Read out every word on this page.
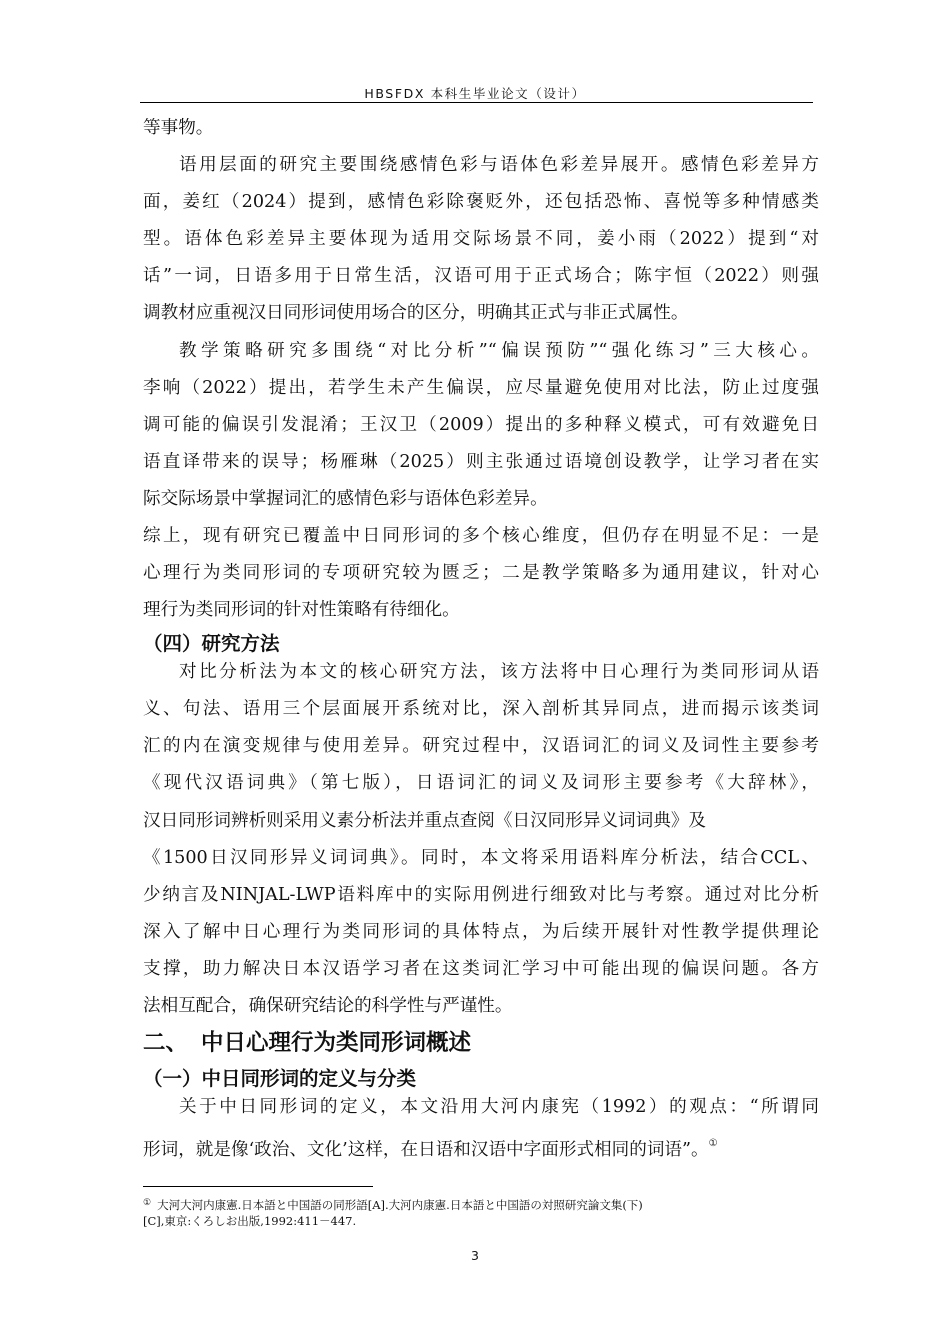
HBSFDX 本科生毕业论文（设计）
等事物。
语用层面的研究主要围绕感情色彩与语体色彩差异展开。感情色彩差异方
面，姜红（2024）提到，感情色彩除褒贬外，还包括恐怖、喜悦等多种情感类
型。语体色彩差异主要体现为适用交际场景不同，姜小雨（2022）提到“对
话”一词，日语多用于日常生活，汉语可用于正式场合；陈宇恒（2022）则强
调教材应重视汉日同形词使用场合的区分，明确其正式与非正式属性。
教学策略研究多围绕“对比分析”“偏误预防”“强化练习”三大核心。
李响（2022）提出，若学生未产生偏误，应尽量避免使用对比法，防止过度强
调可能的偏误引发混淆；王汉卫（2009）提出的多种释义模式，可有效避免日
语直译带来的误导；杨雁琳（2025）则主张通过语境创设教学，让学习者在实
际交际场景中掌握词汇的感情色彩与语体色彩差异。
综上，现有研究已覆盖中日同形词的多个核心维度，但仍存在明显不足：一是
心理行为类同形词的专项研究较为匮乏；二是教学策略多为通用建议，针对心
理行为类同形词的针对性策略有待细化。
（四）研究方法
对比分析法为本文的核心研究方法，该方法将中日心理行为类同形词从语
义、句法、语用三个层面展开系统对比，深入剖析其异同点，进而揭示该类词
汇的内在演变规律与使用差异。研究过程中，汉语词汇的词义及词性主要参考
《现代汉语词典》（第七版），日语词汇的词义及词形主要参考《大辞林》，
汉日同形词辨析则采用义素分析法并重点查阅《日汉同形异义词词典》及
《1500日汉同形异义词词典》。同时，本文将采用语料库分析法，结合CCL、
少纳言及NINJAL-LWP语料库中的实际用例进行细致对比与考察。通过对比分析
深入了解中日心理行为类同形词的具体特点，为后续开展针对性教学提供理论
支撑，助力解决日本汉语学习者在这类词汇学习中可能出现的偏误问题。各方
法相互配合，确保研究结论的科学性与严谨性。
二、 中日心理行为类同形词概述
（一）中日同形词的定义与分类
关于中日同形词的定义，本文沿用大河内康宪（1992）的观点：“所谓同
形词，就是像‘政治、文化’这样，在日语和汉语中字面形式相同的词语”。①
① 大河大河内康憲.日本語と中国語の同形語[A].大河内康憲.日本語と中国語の対照研究論文集(下)
[C],東京:くろしお出版,1992:411－447.
3
